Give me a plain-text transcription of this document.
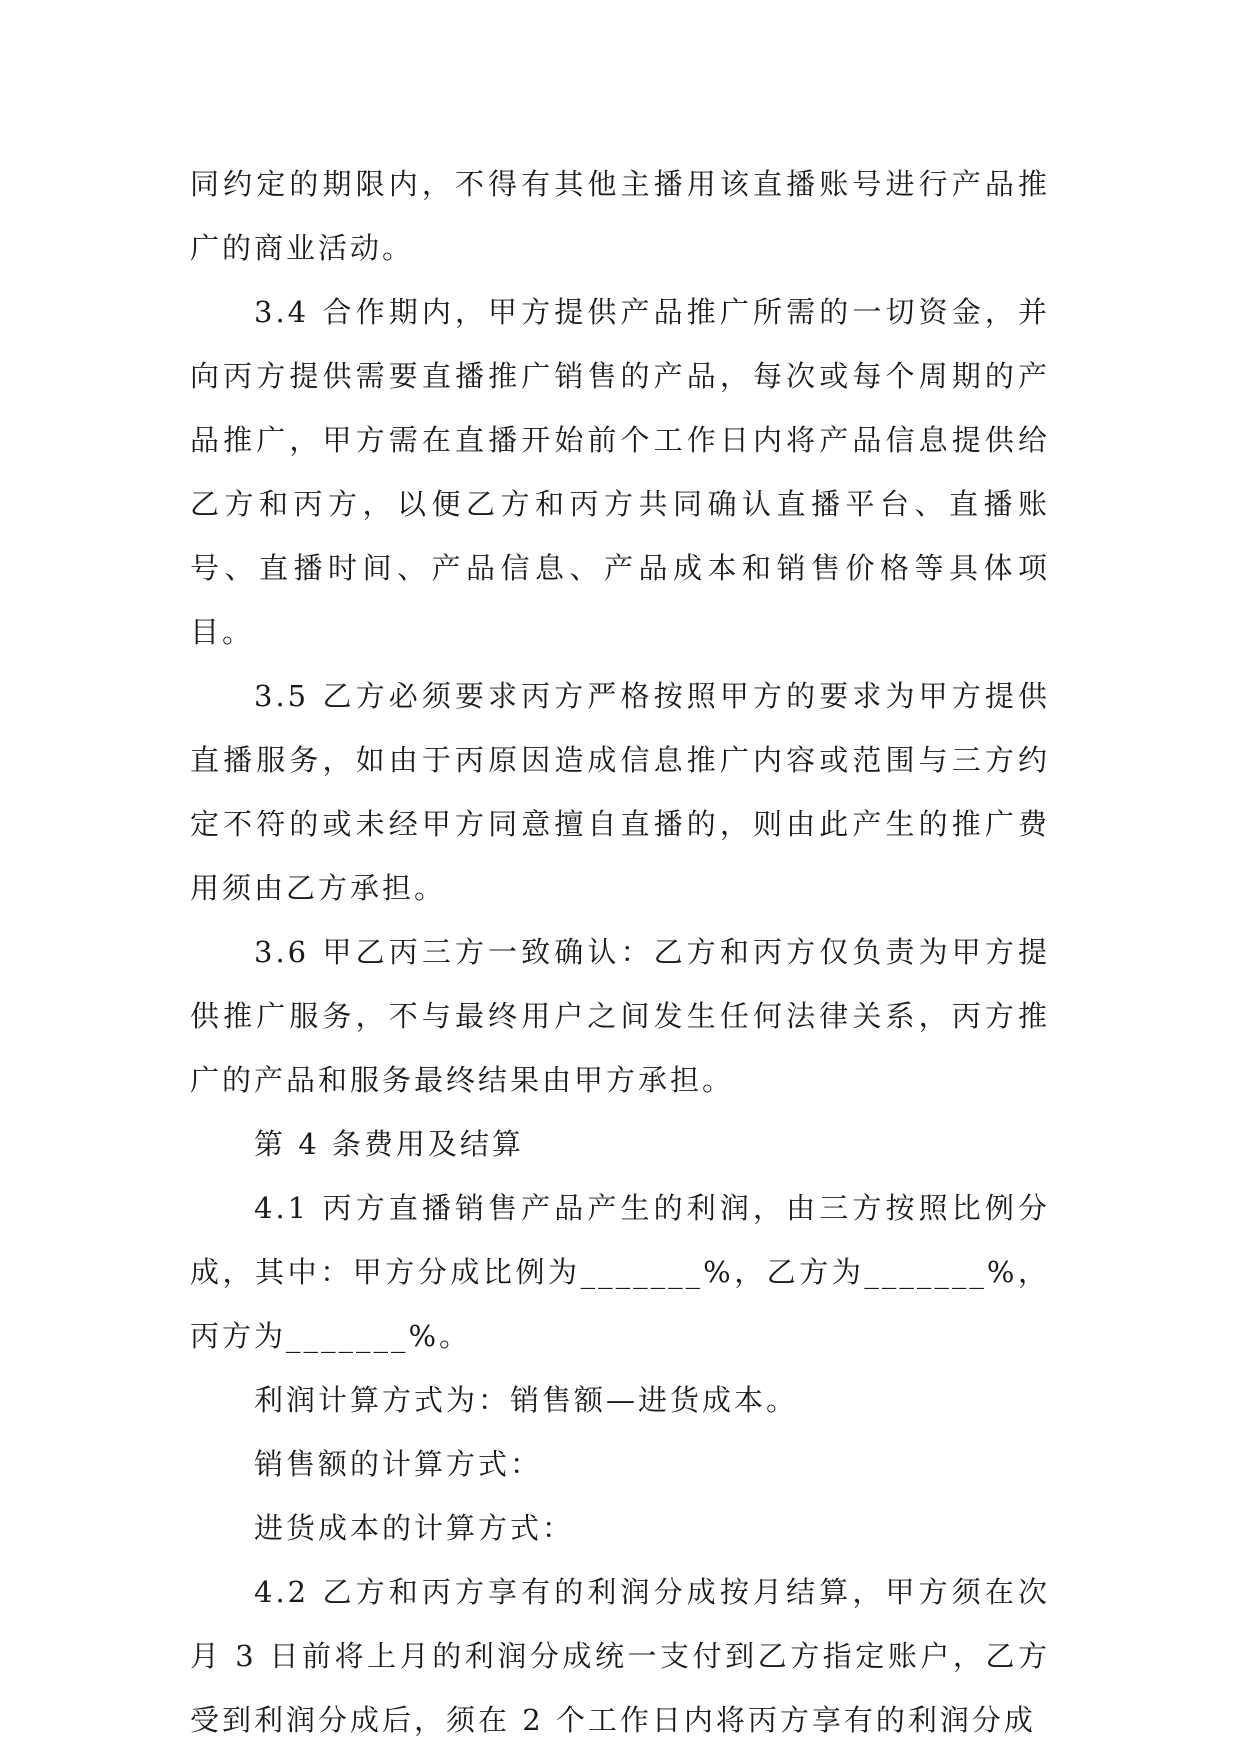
同约定的期限内，不得有其他主播用该直播账号进行产品推广的商业活动。

3.4 合作期内，甲方提供产品推广所需的一切资金，并向丙方提供需要直播推广销售的产品，每次或每个周期的产品推广，甲方需在直播开始前个工作日内将产品信息提供给乙方和丙方，以便乙方和丙方共同确认直播平台、直播账号、直播时间、产品信息、产品成本和销售价格等具体项目。

3.5 乙方必须要求丙方严格按照甲方的要求为甲方提供直播服务，如由于丙原因造成信息推广内容或范围与三方约定不符的或未经甲方同意擅自直播的，则由此产生的推广费用须由乙方承担。

3.6 甲乙丙三方一致确认：乙方和丙方仅负责为甲方提供推广服务，不与最终用户之间发生任何法律关系，丙方推广的产品和服务最终结果由甲方承担。

第 4 条费用及结算

4.1 丙方直播销售产品产生的利润，由三方按照比例分成，其中：甲方分成比例为_______%，乙方为_______%，丙方为_______%。

利润计算方式为：销售额—进货成本。

销售额的计算方式：

进货成本的计算方式：

4.2 乙方和丙方享有的利润分成按月结算，甲方须在次月 3 日前将上月的利润分成统一支付到乙方指定账户，乙方受到利润分成后，须在 2 个工作日内将丙方享有的利润分成
